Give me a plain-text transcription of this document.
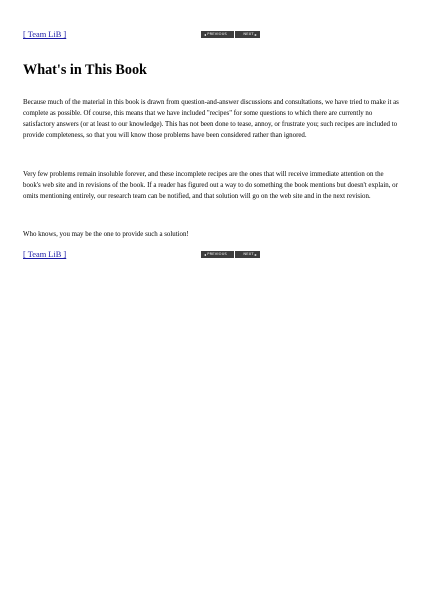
[ Team LiB ]	◂ PREVIOUS	NEXT ▸
What's in This Book

Because much of the material in this book is drawn from question-and-answer discussions and consultations, we have tried to make it as complete as possible. Of course, this means that we have included "recipes" for some questions to which there are currently no satisfactory answers (or at least to our knowledge). This has not been done to tease, annoy, or frustrate you; such recipes are included to provide completeness, so that you will know those problems have been considered rather than ignored.

Very few problems remain insoluble forever, and these incomplete recipes are the ones that will receive immediate attention on the book's web site and in revisions of the book. If a reader has figured out a way to do something the book mentions but doesn't explain, or omits mentioning entirely, our research team can be notified, and that solution will go on the web site and in the next revision.

Who knows, you may be the one to provide such a solution!

[ Team LiB ]	◂ PREVIOUS	NEXT ▸
